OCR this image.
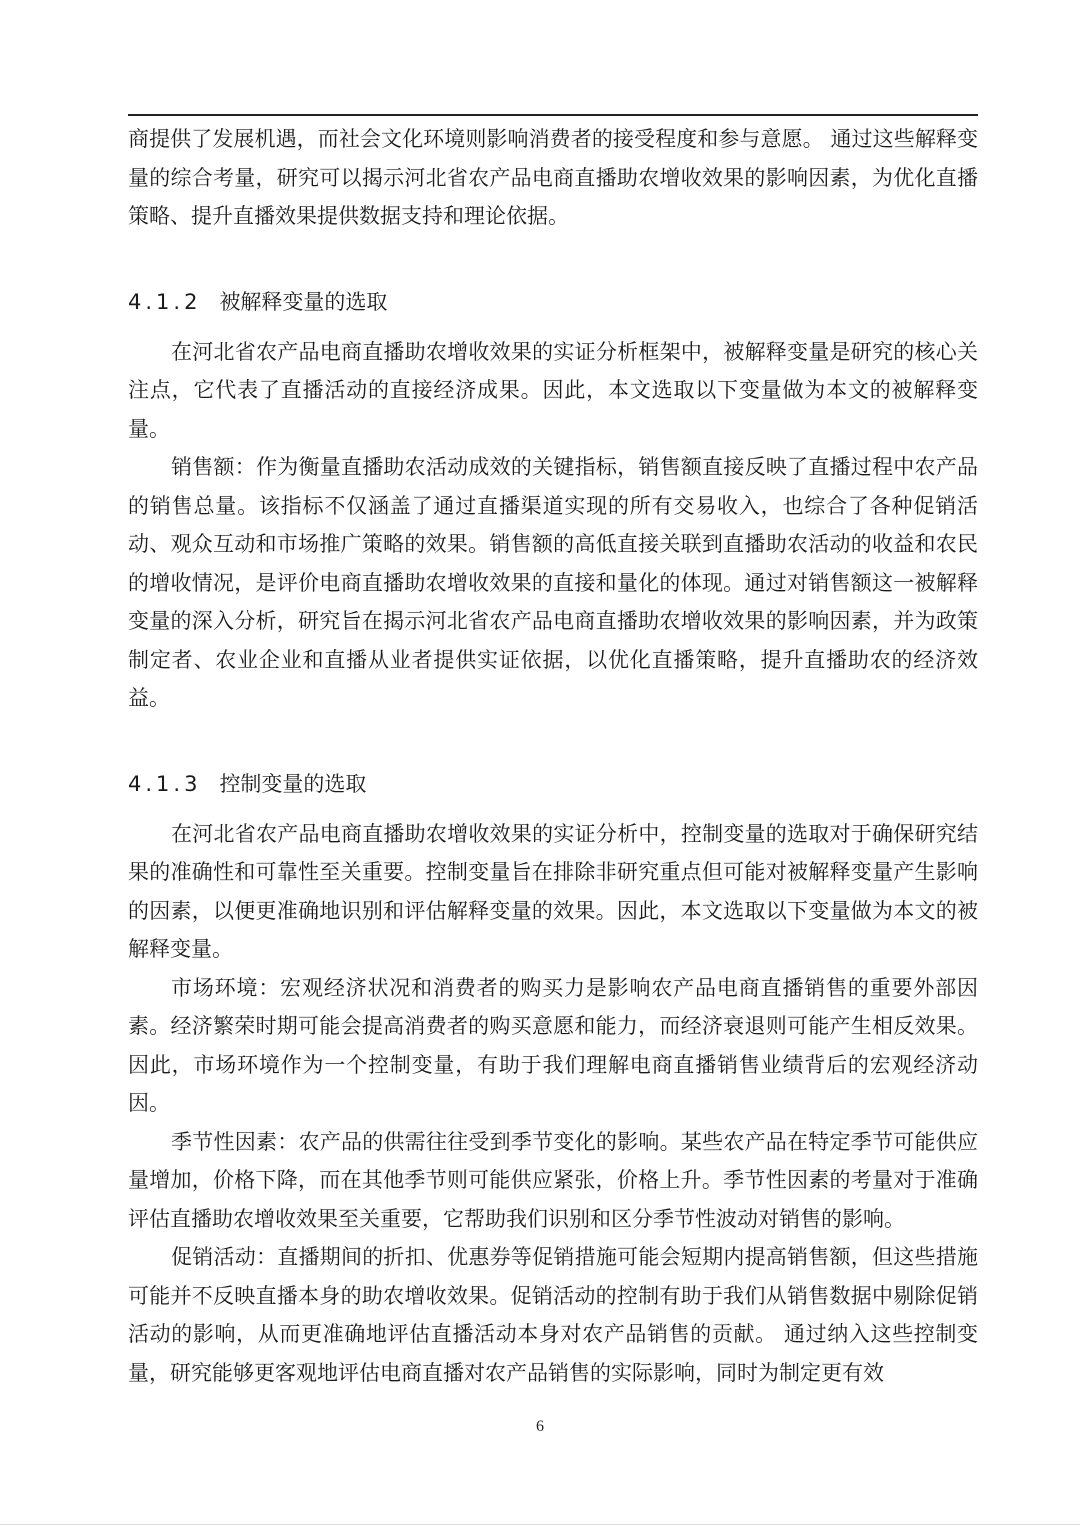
商提供了发展机遇，而社会文化环境则影响消费者的接受程度和参与意愿。 通过这些解释变量的综合考量，研究可以揭示河北省农产品电商直播助农增收效果的影响因素，为优化直播策略、提升直播效果提供数据支持和理论依据。

4.1.2 被解释变量的选取

在河北省农产品电商直播助农增收效果的实证分析框架中，被解释变量是研究的核心关注点，它代表了直播活动的直接经济成果。因此，本文选取以下变量做为本文的被解释变量。

销售额：作为衡量直播助农活动成效的关键指标，销售额直接反映了直播过程中农产品的销售总量。该指标不仅涵盖了通过直播渠道实现的所有交易收入，也综合了各种促销活动、观众互动和市场推广策略的效果。销售额的高低直接关联到直播助农活动的收益和农民的增收情况，是评价电商直播助农增收效果的直接和量化的体现。通过对销售额这一被解释变量的深入分析，研究旨在揭示河北省农产品电商直播助农增收效果的影响因素，并为政策制定者、农业企业和直播从业者提供实证依据，以优化直播策略，提升直播助农的经济效益。

4.1.3 控制变量的选取

在河北省农产品电商直播助农增收效果的实证分析中，控制变量的选取对于确保研究结果的准确性和可靠性至关重要。控制变量旨在排除非研究重点但可能对被解释变量产生影响的因素，以便更准确地识别和评估解释变量的效果。因此，本文选取以下变量做为本文的被解释变量。

市场环境：宏观经济状况和消费者的购买力是影响农产品电商直播销售的重要外部因素。经济繁荣时期可能会提高消费者的购买意愿和能力，而经济衰退则可能产生相反效果。因此，市场环境作为一个控制变量，有助于我们理解电商直播销售业绩背后的宏观经济动因。

季节性因素：农产品的供需往往受到季节变化的影响。某些农产品在特定季节可能供应量增加，价格下降，而在其他季节则可能供应紧张，价格上升。季节性因素的考量对于准确评估直播助农增收效果至关重要，它帮助我们识别和区分季节性波动对销售的影响。

促销活动：直播期间的折扣、优惠券等促销措施可能会短期内提高销售额，但这些措施可能并不反映直播本身的助农增收效果。促销活动的控制有助于我们从销售数据中剔除促销活动的影响，从而更准确地评估直播活动本身对农产品销售的贡献。 通过纳入这些控制变量，研究能够更客观地评估电商直播对农产品销售的实际影响，同时为制定更有效

6
